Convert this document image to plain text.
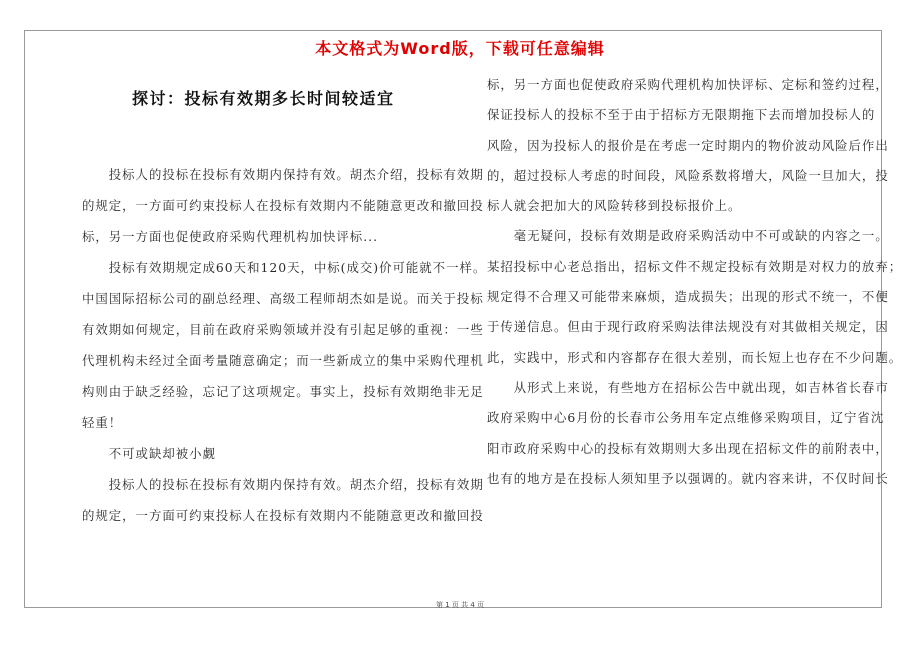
本文格式为Word版，下载可任意编辑
探讨：投标有效期多长时间较适宜

　　投标人的投标在投标有效期内保持有效。胡杰介绍，投标有效期

的规定，一方面可约束投标人在投标有效期内不能随意更改和撤回投

标，另一方面也促使政府采购代理机构加快评标...

　　投标有效期规定成60天和120天，中标(成交)价可能就不一样。

中国国际招标公司的副总经理、高级工程师胡杰如是说。而关于投标

有效期如何规定，目前在政府采购领域并没有引起足够的重视：一些

代理机构未经过全面考量随意确定；而一些新成立的集中采购代理机

构则由于缺乏经验，忘记了这项规定。事实上，投标有效期绝非无足

轻重！

　　不可或缺却被小觑

　　投标人的投标在投标有效期内保持有效。胡杰介绍，投标有效期

的规定，一方面可约束投标人在投标有效期内不能随意更改和撤回投

标，另一方面也促使政府采购代理机构加快评标、定标和签约过程，

保证投标人的投标不至于由于招标方无限期拖下去而增加投标人的

风险，因为投标人的报价是在考虑一定时期内的物价波动风险后作出

的，超过投标人考虑的时间段，风险系数将增大，风险一旦加大，投

标人就会把加大的风险转移到投标报价上。

　　毫无疑问，投标有效期是政府采购活动中不可或缺的内容之一。

某招投标中心老总指出，招标文件不规定投标有效期是对权力的放弃；

规定得不合理又可能带来麻烦，造成损失；出现的形式不统一，不便

于传递信息。但由于现行政府采购法律法规没有对其做相关规定，因

此，实践中，形式和内容都存在很大差别，而长短上也存在不少问题。

　　从形式上来说，有些地方在招标公告中就出现，如吉林省长春市

政府采购中心6月份的长春市公务用车定点维修采购项目，辽宁省沈

阳市政府采购中心的投标有效期则大多出现在招标文件的前附表中，

也有的地方是在投标人须知里予以强调的。就内容来讲，不仅时间长

第 1 页 共 4 页
